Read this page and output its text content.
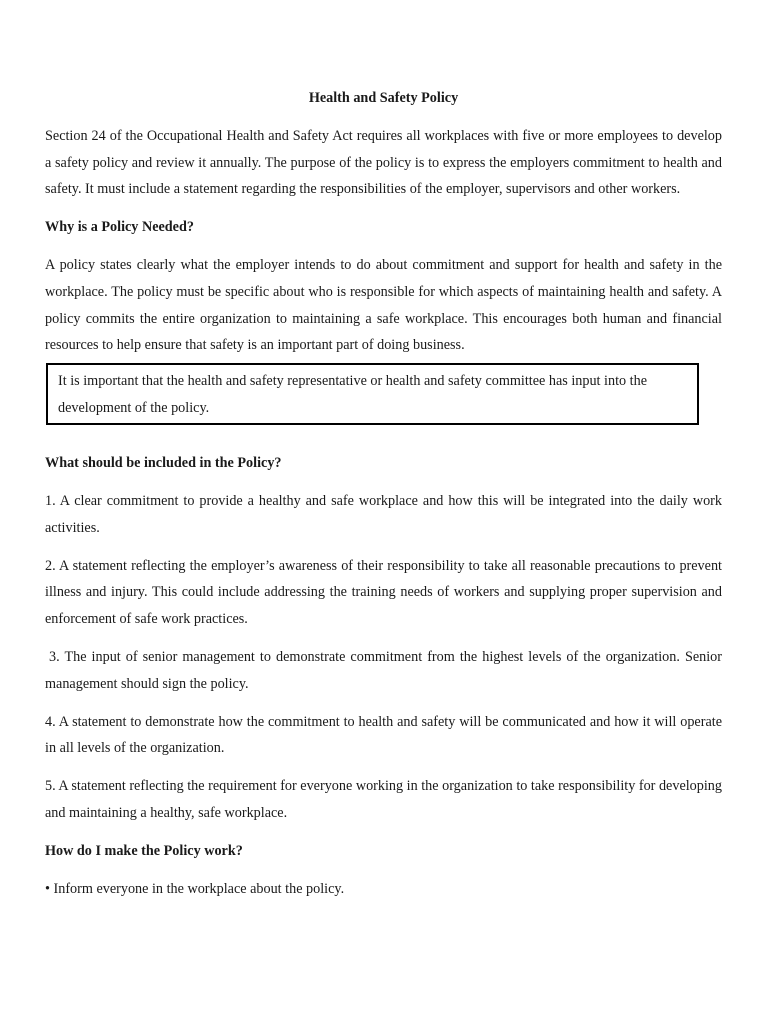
Health and Safety Policy
Section 24 of the Occupational Health and Safety Act requires all workplaces with five or more employees to develop a safety policy and review it annually. The purpose of the policy is to express the employers commitment to health and safety. It must include a statement regarding the responsibilities of the employer, supervisors and other workers.
Why is a Policy Needed?
A policy states clearly what the employer intends to do about commitment and support for health and safety in the workplace. The policy must be specific about who is responsible for which aspects of maintaining health and safety. A policy commits the entire organization to maintaining a safe workplace. This encourages both human and financial resources to help ensure that safety is an important part of doing business.
It is important that the health and safety representative or health and safety committee has input into the development of the policy.
What should be included in the Policy?
1. A clear commitment to provide a healthy and safe workplace and how this will be integrated into the daily work activities.
2. A statement reflecting the employer’s awareness of their responsibility to take all reasonable precautions to prevent illness and injury. This could include addressing the training needs of workers and supplying proper supervision and enforcement of safe work practices.
3. The input of senior management to demonstrate commitment from the highest levels of the organization. Senior management should sign the policy.
4. A statement to demonstrate how the commitment to health and safety will be communicated and how it will operate in all levels of the organization.
5. A statement reflecting the requirement for everyone working in the organization to take responsibility for developing and maintaining a healthy, safe workplace.
How do I make the Policy work?
• Inform everyone in the workplace about the policy.
